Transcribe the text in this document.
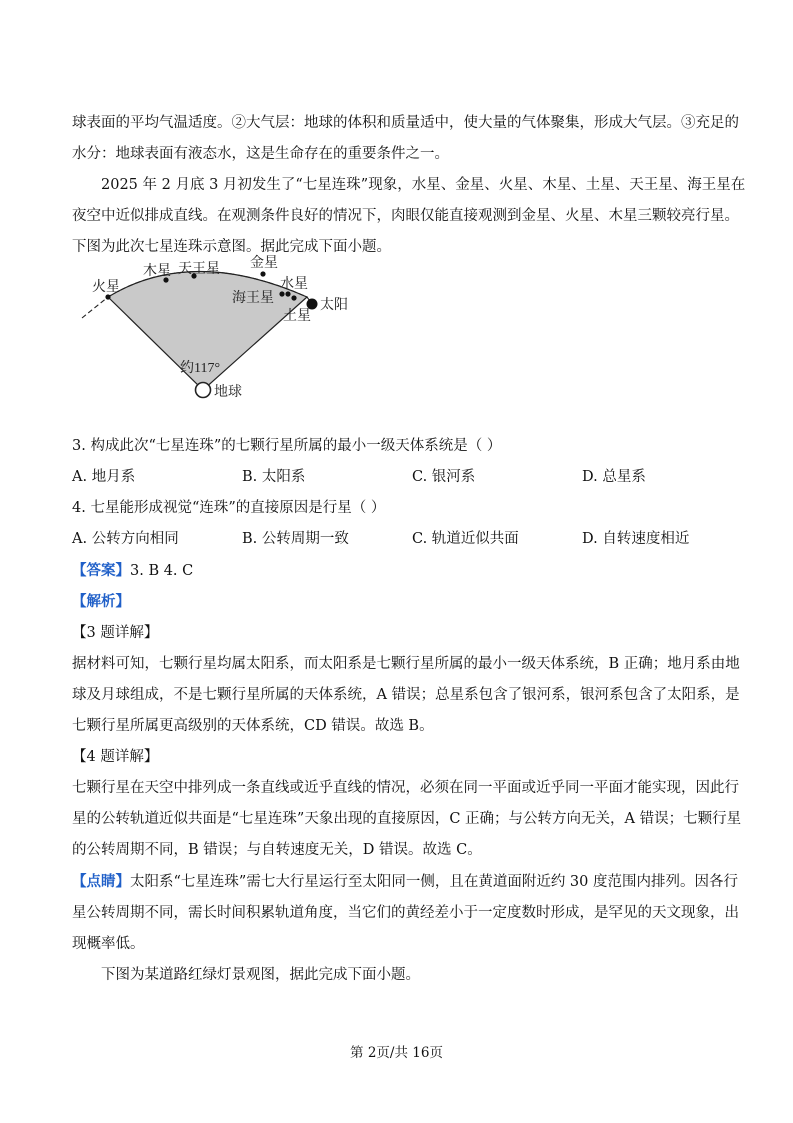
球表面的平均气温适度。②大气层：地球的体积和质量适中，使大量的气体聚集，形成大气层。③充足的
水分：地球表面有液态水，这是生命存在的重要条件之一。
2025 年 2 月底 3 月初发生了“七星连珠”现象，水星、金星、火星、木星、土星、天王星、海王星在
夜空中近似排成直线。在观测条件良好的情况下，肉眼仅能直接观测到金星、火星、木星三颗较亮行星。
下图为此次七星连珠示意图。据此完成下面小题。
火星
木星 天王星 金星
水星
海王星
土星
太阳
约117°
地球
3. 构成此次“七星连珠”的七颗行星所属的最小一级天体系统是（ ）
A. 地月系	B. 太阳系	C. 银河系	D. 总星系
4. 七星能形成视觉“连珠”的直接原因是行星（ ）
A. 公转方向相同	B. 公转周期一致	C. 轨道近似共面	D. 自转速度相近
【答案】3. B 4. C
【解析】
【3 题详解】
据材料可知，七颗行星均属太阳系，而太阳系是七颗行星所属的最小一级天体系统，B 正确；地月系由地
球及月球组成，不是七颗行星所属的天体系统，A 错误；总星系包含了银河系，银河系包含了太阳系，是
七颗行星所属更高级别的天体系统，CD 错误。故选 B。
【4 题详解】
七颗行星在天空中排列成一条直线或近乎直线的情况，必须在同一平面或近乎同一平面才能实现，因此行
星的公转轨道近似共面是“七星连珠”天象出现的直接原因，C 正确；与公转方向无关，A 错误；七颗行星
的公转周期不同，B 错误；与自转速度无关，D 错误。故选 C。
【点睛】太阳系“七星连珠”需七大行星运行至太阳同一侧，且在黄道面附近约 30 度范围内排列。因各行
星公转周期不同，需长时间积累轨道角度，当它们的黄经差小于一定度数时形成，是罕见的天文现象，出
现概率低。
下图为某道路红绿灯景观图，据此完成下面小题。
第 2页/共 16页
